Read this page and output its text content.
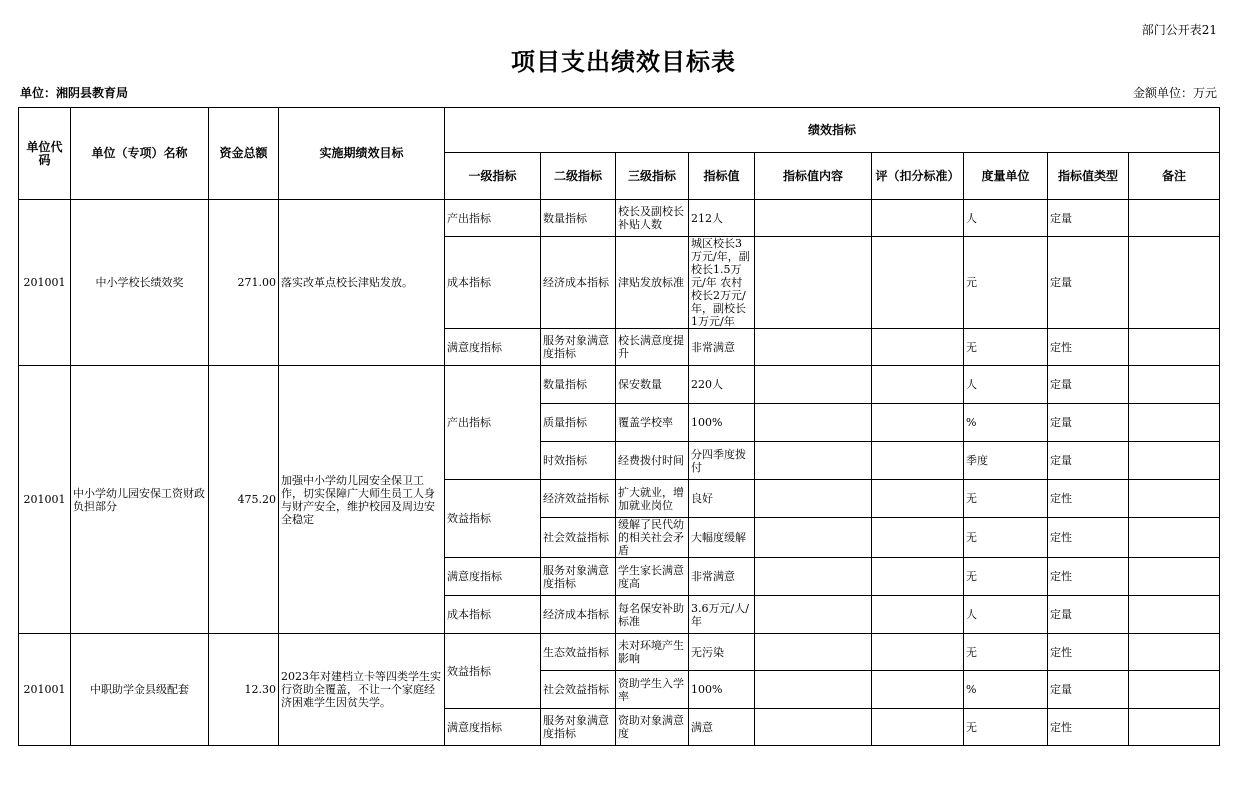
部门公开表21
项目支出绩效目标表
单位：湘阴县教育局	金额单位：万元
单位代码	单位（专项）名称	资金总额	实施期绩效目标	绩效指标								
				一级指标	二级指标	三级指标	指标值	指标值内容	评（扣分标准）	度量单位	指标值类型	备注
201001	中小学校长绩效奖	271.00	落实改革点校长津贴发放。	产出指标	数量指标	校长及副校长补贴人数	212人			人	定量	
				成本指标	经济成本指标	津贴发放标准	城区校长3万元/年，副校长1.5万元/年 农村校长2万元/年，副校长1万元/年			元	定量	
				满意度指标	服务对象满意度指标	校长满意度提升	非常满意			无	定性	
201001	中小学幼儿园安保工资财政负担部分	475.20	加强中小学幼儿园安全保卫工作，切实保障广大师生员工人身与财产安全，维护校园及周边安全稳定	产出指标	数量指标	保安数量	220人			人	定量	
					质量指标	覆盖学校率	100%			%	定量	
					时效指标	经费拨付时间	分四季度拨付			季度	定量	
				效益指标	经济效益指标	扩大就业，增加就业岗位	良好			无	定性	
					社会效益指标	缓解了民代幼的相关社会矛盾	大幅度缓解			无	定性	
				满意度指标	服务对象满意度指标	学生家长满意度高	非常满意			无	定性	
				成本指标	经济成本指标	每名保安补助标准	3.6万元/人/年			人	定量	
201001	中职助学金县级配套	12.30	2023年对建档立卡等四类学生实行资助全覆盖，不让一个家庭经济困难学生因贫失学。	效益指标	生态效益指标	未对环境产生影响	无污染			无	定性	
					社会效益指标	资助学生入学率	100%			%	定量	
				满意度指标	服务对象满意度指标	资助对象满意度	满意			无	定性	
